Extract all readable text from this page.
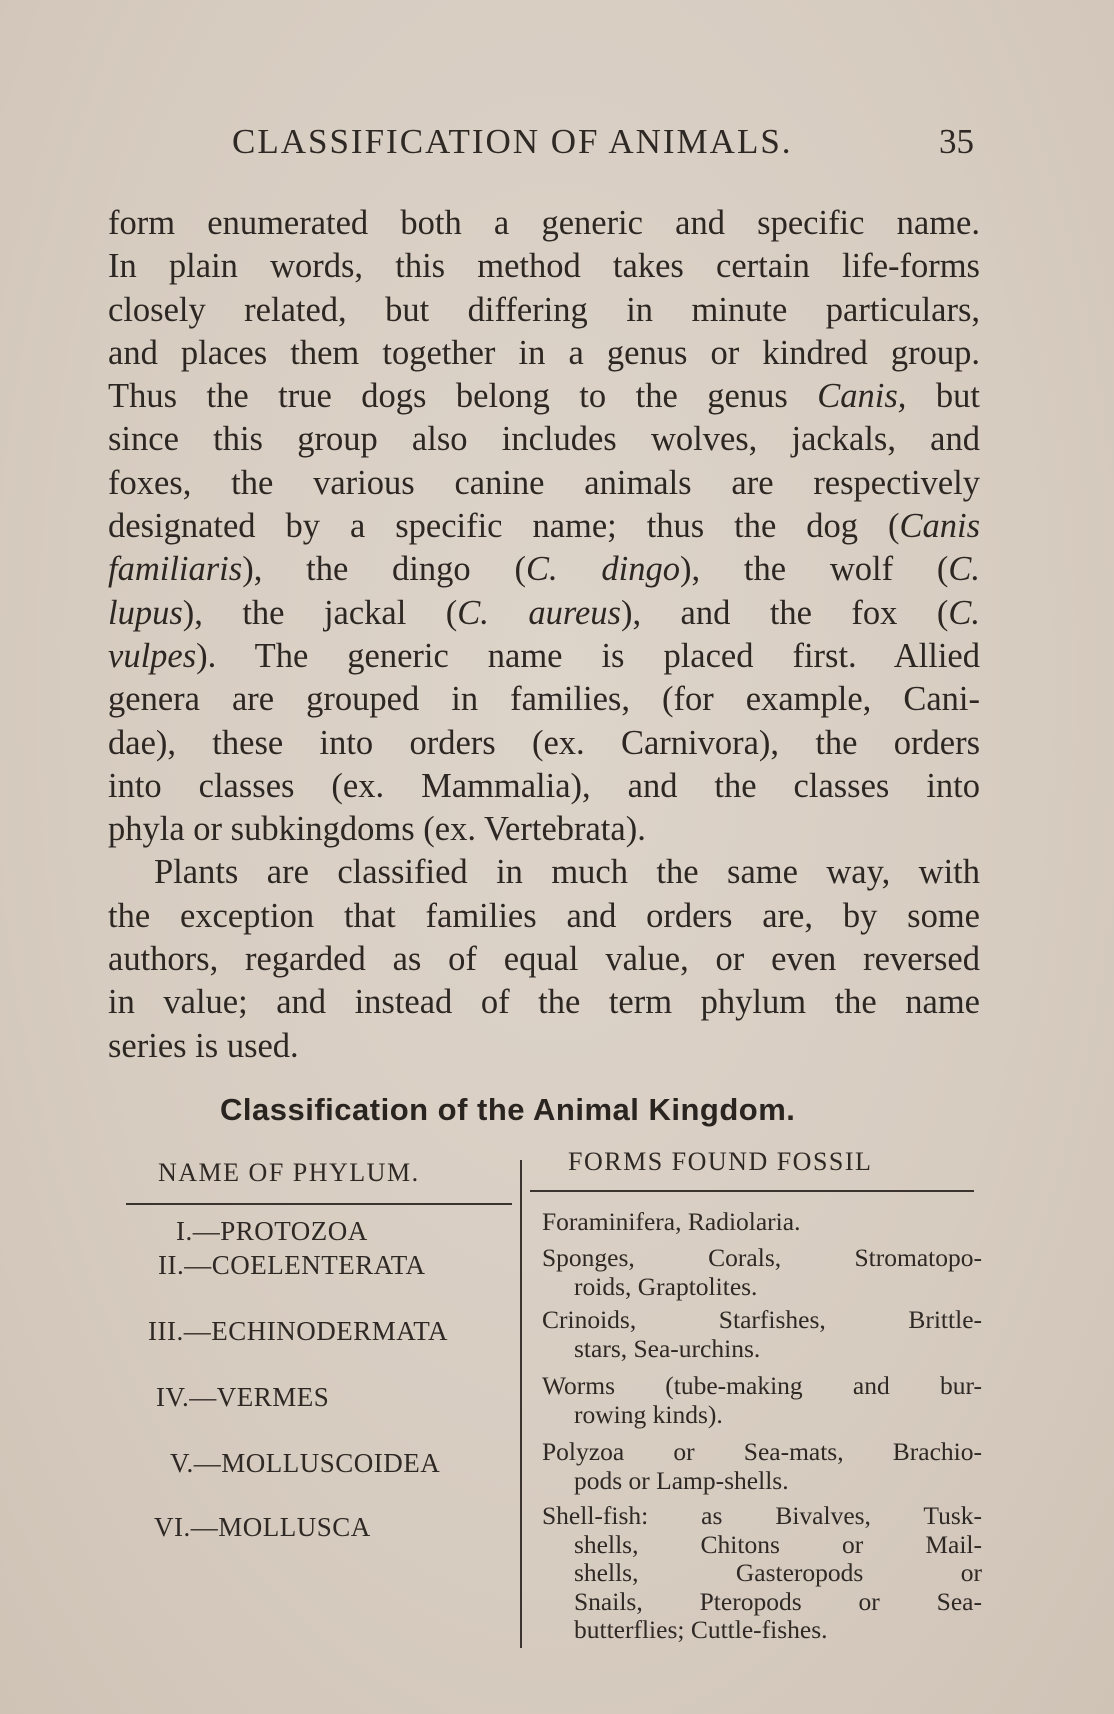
CLASSIFICATION OF ANIMALS.	35
form enumerated both a generic and specific name.
In plain words, this method takes certain life-forms
closely related, but differing in minute particulars,
and places them together in a genus or kindred group.
Thus the true dogs belong to the genus Canis, but
since this group also includes wolves, jackals, and
foxes, the various canine animals are respectively
designated by a specific name; thus the dog (Canis
familiaris), the dingo (C. dingo), the wolf (C.
lupus), the jackal (C. aureus), and the fox (C.
vulpes). The generic name is placed first. Allied
genera are grouped in families, (for example, Cani-
dae), these into orders (ex. Carnivora), the orders
into classes (ex. Mammalia), and the classes into
phyla or subkingdoms (ex. Vertebrata).
Plants are classified in much the same way, with
the exception that families and orders are, by some
authors, regarded as of equal value, or even reversed
in value; and instead of the term phylum the name
series is used.
Classification of the Animal Kingdom.
NAME OF PHYLUM.	FORMS FOUND FOSSIL
I.—PROTOZOA	Foraminifera, Radiolaria.
II.—COELENTERATA	Sponges, Corals, Stromatopo-
roids, Graptolites.
III.—ECHINODERMATA	Crinoids, Starfishes, Brittle-
stars, Sea-urchins.
IV.—VERMES	Worms (tube-making and bur-
rowing kinds).
V.—MOLLUSCOIDEA	Polyzoa or Sea-mats, Brachio-
pods or Lamp-shells.
VI.—MOLLUSCA	Shell-fish: as Bivalves, Tusk-
shells, Chitons or Mail-
shells, Gasteropods or
Snails, Pteropods or Sea-
butterflies; Cuttle-fishes.
